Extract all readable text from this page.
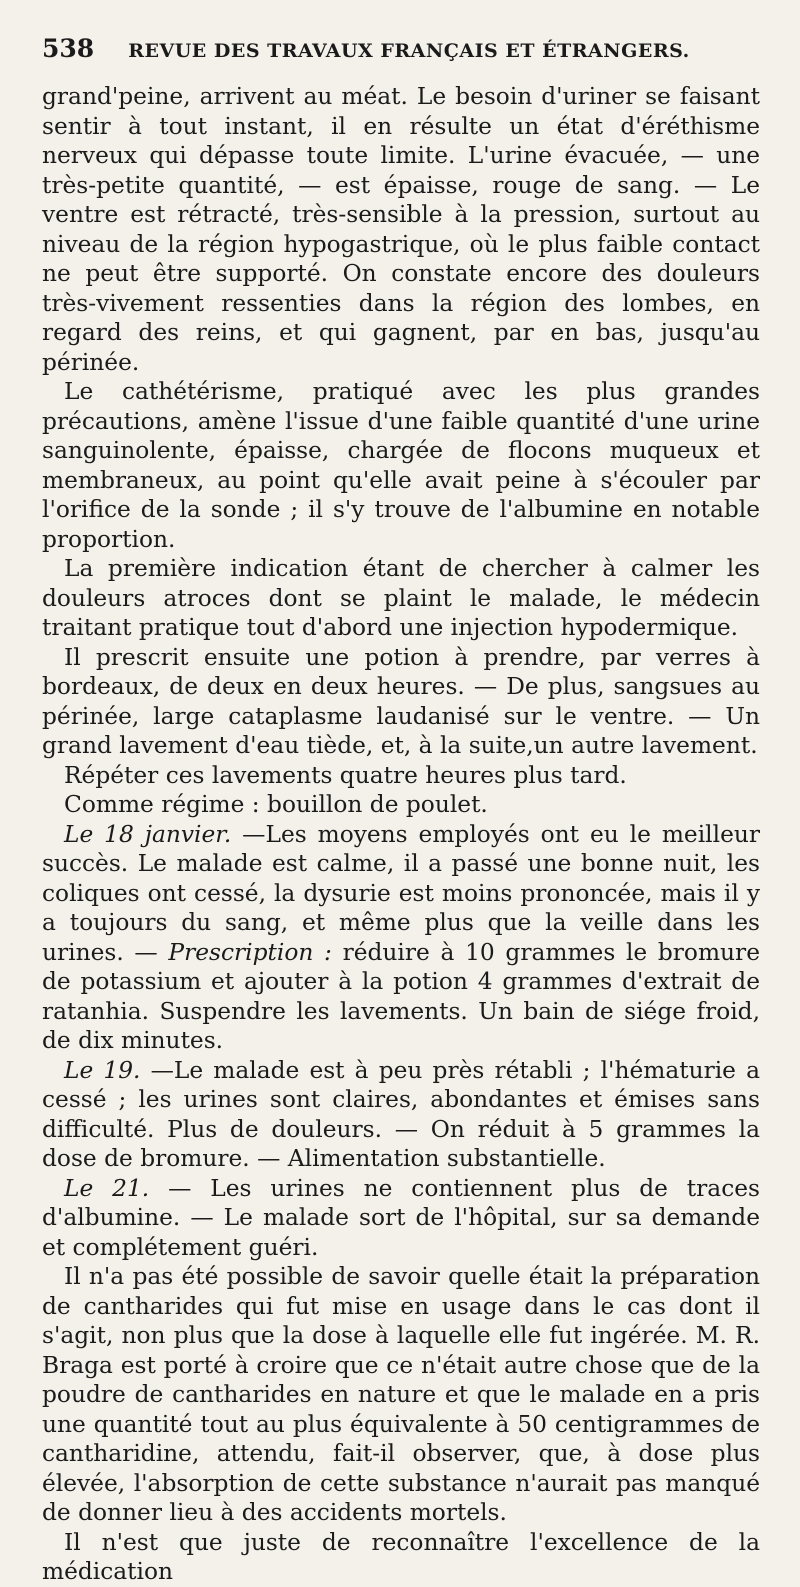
538 REVUE DES TRAVAUX FRANÇAIS ET ÉTRANGERS.

grand'peine, arrivent au méat. Le besoin d'uriner se faisant sentir à tout instant, il en résulte un état d'éréthisme nerveux qui dépasse toute limite. L'urine évacuée, — une très-petite quantité, — est épaisse, rouge de sang. — Le ventre est rétracté, très-sensible à la pression, surtout au niveau de la région hypogastrique, où le plus faible contact ne peut être supporté. On constate encore des douleurs très-vivement ressenties dans la région des lombes, en regard des reins, et qui gagnent, par en bas, jusqu'au périnée.

Le cathétérisme, pratiqué avec les plus grandes précautions, amène l'issue d'une faible quantité d'une urine sanguinolente, épaisse, chargée de flocons muqueux et membraneux, au point qu'elle avait peine à s'écouler par l'orifice de la sonde ; il s'y trouve de l'albumine en notable proportion.

La première indication étant de chercher à calmer les douleurs atroces dont se plaint le malade, le médecin traitant pratique tout d'abord une injection hypodermique.

Il prescrit ensuite une potion à prendre, par verres à bordeaux, de deux en deux heures. — De plus, sangsues au périnée, large cataplasme laudanisé sur le ventre. — Un grand lavement d'eau tiède, et, à la suite,un autre lavement.

Répéter ces lavements quatre heures plus tard.

Comme régime : bouillon de poulet.

Le 18 janvier. —Les moyens employés ont eu le meilleur succès. Le malade est calme, il a passé une bonne nuit, les coliques ont cessé, la dysurie est moins prononcée, mais il y a toujours du sang, et même plus que la veille dans les urines. — Prescription : réduire à 10 grammes le bromure de potassium et ajouter à la potion 4 grammes d'extrait de ratanhia. Suspendre les lavements. Un bain de siége froid, de dix minutes.

Le 19. —Le malade est à peu près rétabli ; l'hématurie a cessé ; les urines sont claires, abondantes et émises sans difficulté. Plus de douleurs. — On réduit à 5 grammes la dose de bromure. — Alimentation substantielle.

Le 21. — Les urines ne contiennent plus de traces d'albumine. — Le malade sort de l'hôpital, sur sa demande et complétement guéri.

Il n'a pas été possible de savoir quelle était la préparation de cantharides qui fut mise en usage dans le cas dont il s'agit, non plus que la dose à laquelle elle fut ingérée. M. R. Braga est porté à croire que ce n'était autre chose que de la poudre de cantharides en nature et que le malade en a pris une quantité tout au plus équivalente à 50 centigrammes de cantharidine, attendu, fait-il observer, que, à dose plus élevée, l'absorption de cette substance n'aurait pas manqué de donner lieu à des accidents mortels.

Il n'est que juste de reconnaître l'excellence de la médication
